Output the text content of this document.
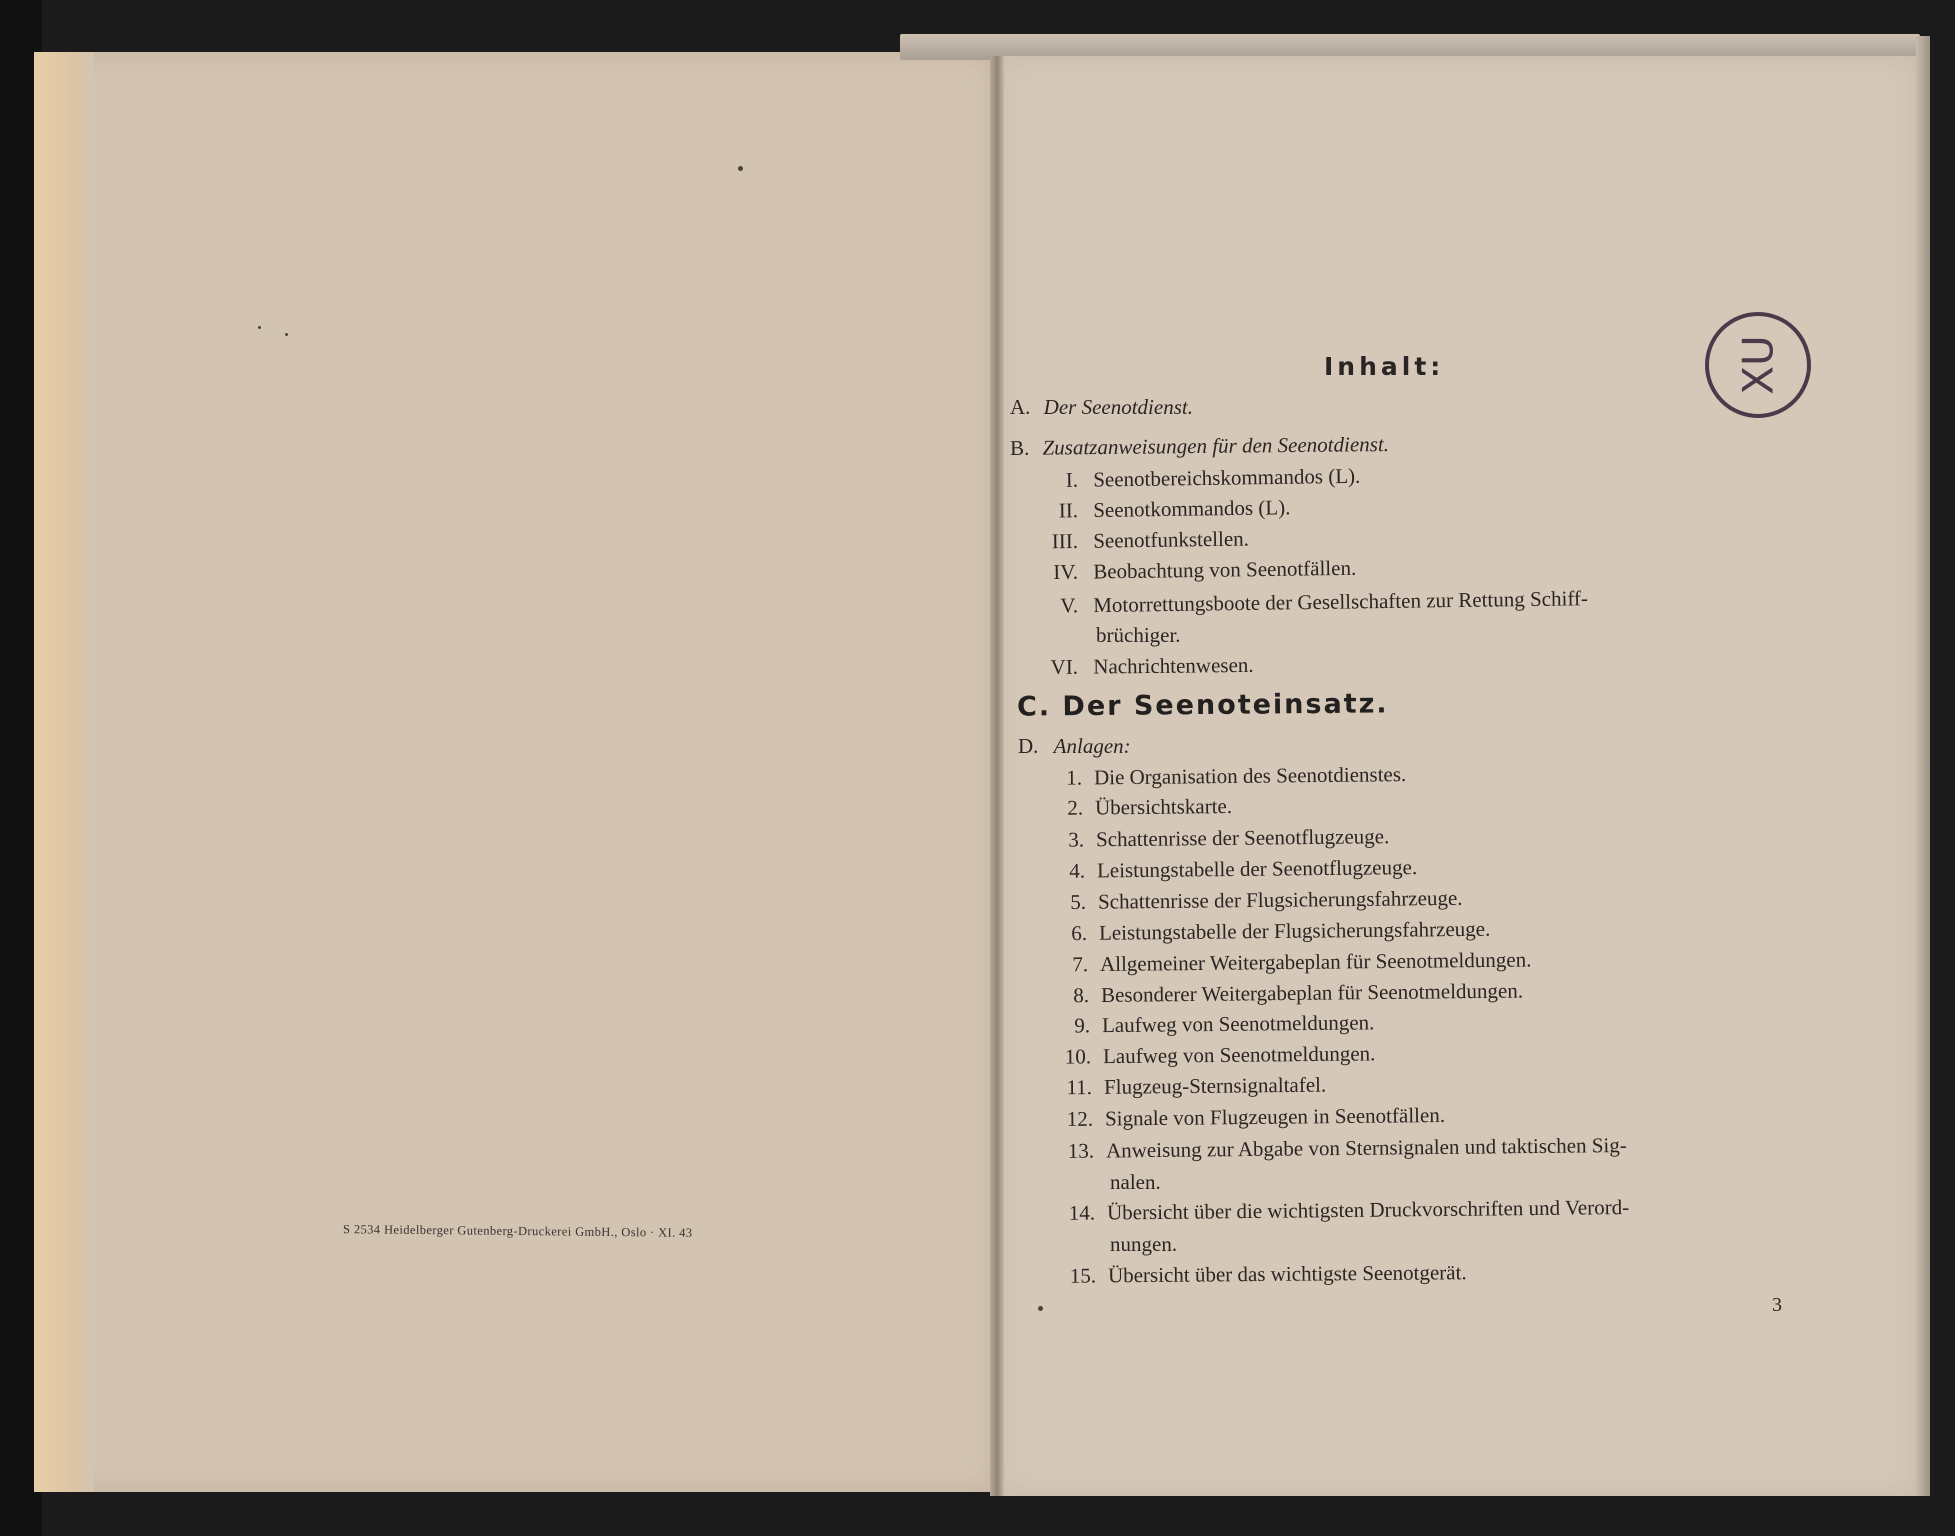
S 2534 Heidelberger Gutenberg-Druckerei GmbH., Oslo · XI. 43
Inhalt:	XU
A. Der Seenotdienst.
B. Zusatzanweisungen für den Seenotdienst.
I. Seenotbereichskommandos (L).
II. Seenotkommandos (L).
III. Seenotfunkstellen.
IV. Beobachtung von Seenotfällen.
V. Motorrettungsboote der Gesellschaften zur Rettung Schiff-
brüchiger.
VI. Nachrichtenwesen.
C. Der Seenoteinsatz.
D. Anlagen:
1. Die Organisation des Seenotdienstes.
2. Übersichtskarte.
3. Schattenrisse der Seenotflugzeuge.
4. Leistungstabelle der Seenotflugzeuge.
5. Schattenrisse der Flugsicherungsfahrzeuge.
6. Leistungstabelle der Flugsicherungsfahrzeuge.
7. Allgemeiner Weitergabeplan für Seenotmeldungen.
8. Besonderer Weitergabeplan für Seenotmeldungen.
9. Laufweg von Seenotmeldungen.
10. Laufweg von Seenotmeldungen.
11. Flugzeug-Sternsignaltafel.
12. Signale von Flugzeugen in Seenotfällen.
13. Anweisung zur Abgabe von Sternsignalen und taktischen Sig-
nalen.
14. Übersicht über die wichtigsten Druckvorschriften und Verord-
nungen.
15. Übersicht über das wichtigste Seenotgerät.
3
